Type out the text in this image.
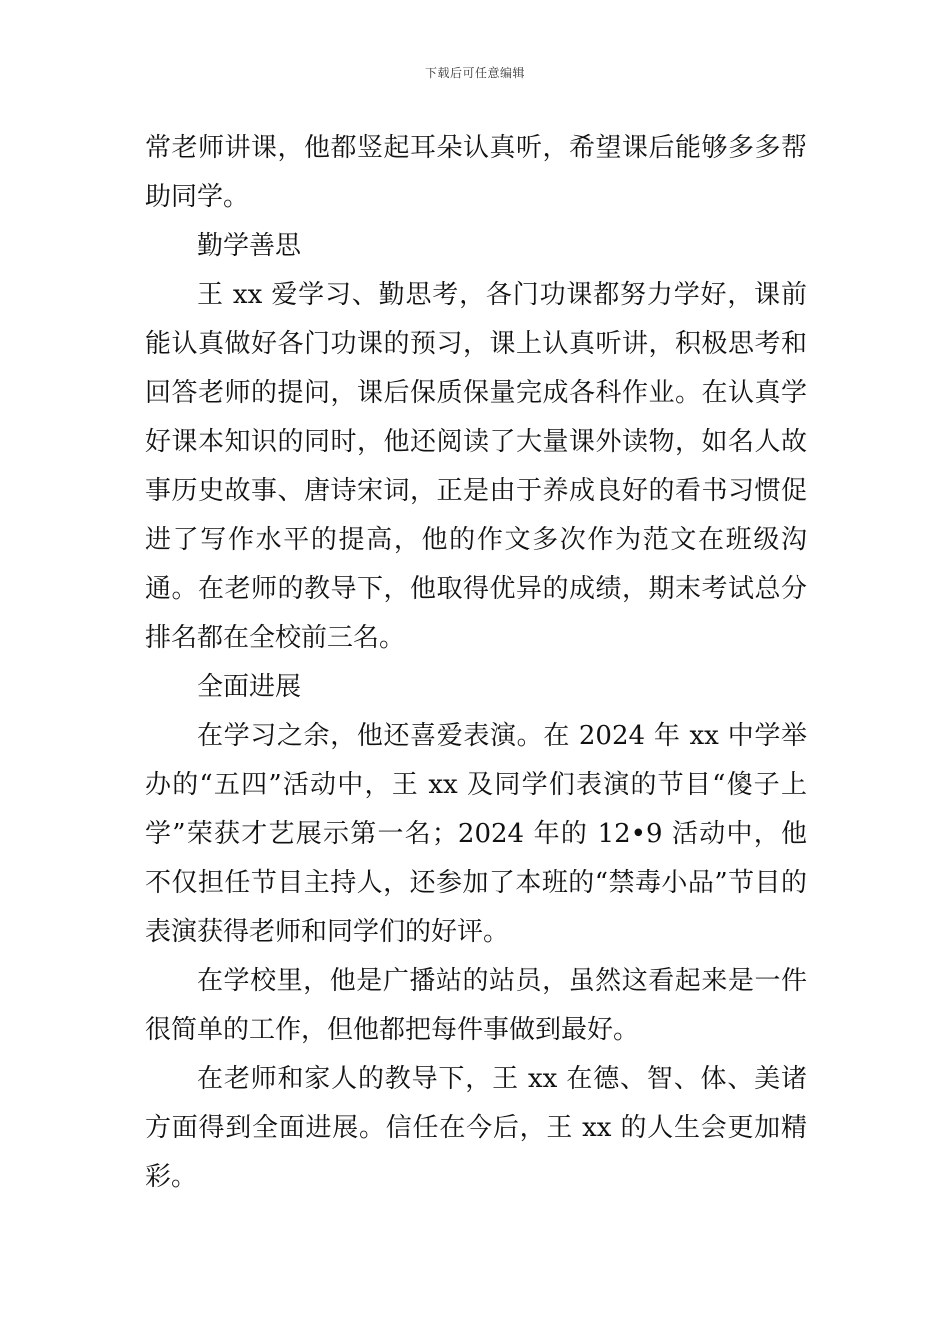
下载后可任意编辑

常老师讲课，他都竖起耳朵认真听，希望课后能够多多帮助同学。

勤学善思

王 xx 爱学习、勤思考，各门功课都努力学好，课前能认真做好各门功课的预习，课上认真听讲，积极思考和回答老师的提问，课后保质保量完成各科作业。在认真学好课本知识的同时，他还阅读了大量课外读物，如名人故事历史故事、唐诗宋词，正是由于养成良好的看书习惯促进了写作水平的提高，他的作文多次作为范文在班级沟通。在老师的教导下，他取得优异的成绩，期末考试总分排名都在全校前三名。

全面进展

在学习之余，他还喜爱表演。在 2024 年 xx 中学举办的“五四”活动中，王 xx 及同学们表演的节目“傻子上学”荣获才艺展示第一名；2024 年的 12•9 活动中，他不仅担任节目主持人，还参加了本班的“禁毒小品”节目的表演获得老师和同学们的好评。

在学校里，他是广播站的站员，虽然这看起来是一件很简单的工作，但他都把每件事做到最好。

在老师和家人的教导下，王 xx 在德、智、体、美诸方面得到全面进展。信任在今后，王 xx 的人生会更加精彩。
